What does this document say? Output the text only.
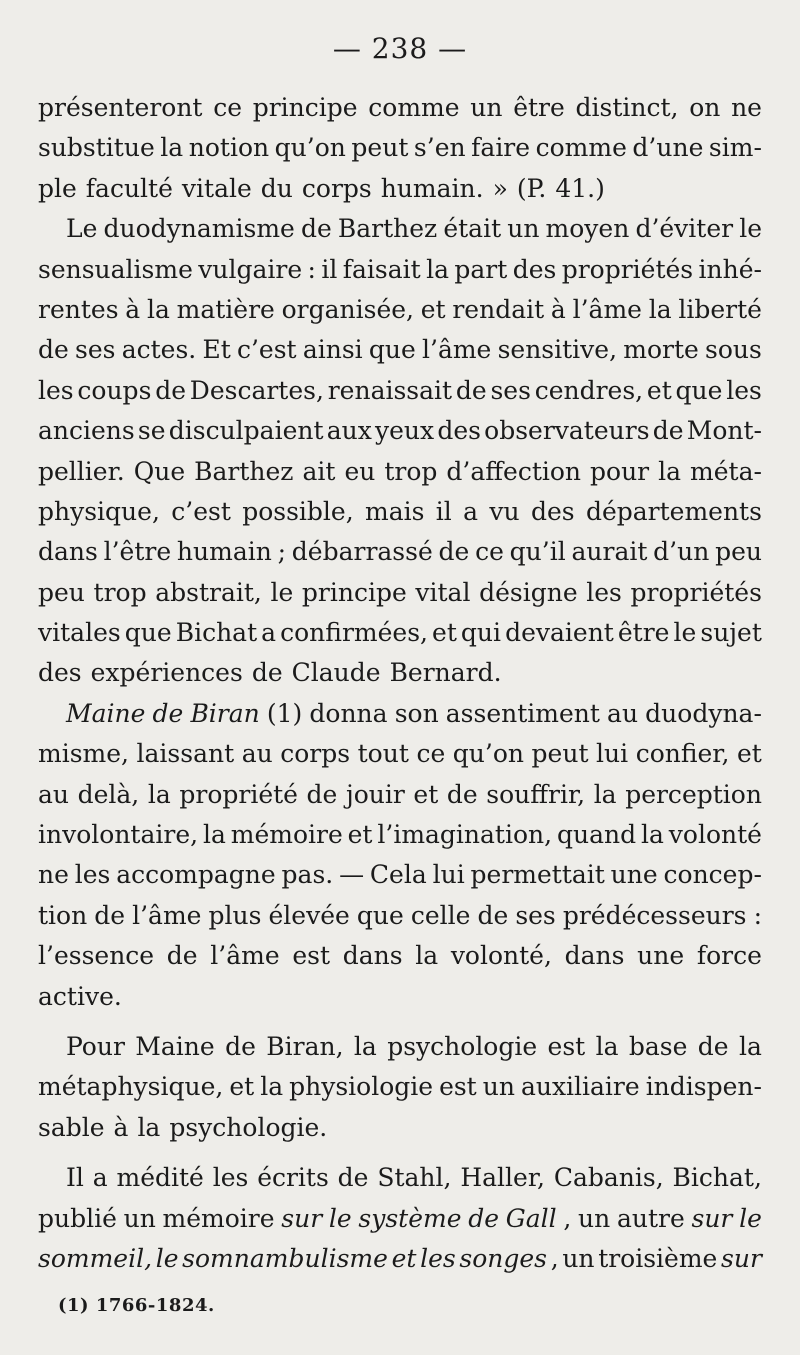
— 238 —
présenteront ce principe comme un être distinct, on ne
substitue la notion qu’on peut s’en faire comme d’une sim-
ple faculté vitale du corps humain. » (P. 41.)
Le duodynamisme de Barthez était un moyen d’éviter le
sensualisme vulgaire : il faisait la part des propriétés inhé-
rentes à la matière organisée, et rendait à l’âme la liberté
de ses actes. Et c’est ainsi que l’âme sensitive, morte sous
les coups de Descartes, renaissait de ses cendres, et que les
anciens se disculpaient aux yeux des observateurs de Mont-
pellier. Que Barthez ait eu trop d’affection pour la méta-
physique, c’est possible, mais il a vu des départements
dans l’être humain ; débarrassé de ce qu’il aurait d’un peu
peu trop abstrait, le principe vital désigne les propriétés
vitales que Bichat a confirmées, et qui devaient être le sujet
des expériences de Claude Bernard.
Maine de Biran (1) donna son assentiment au duodyna-
misme, laissant au corps tout ce qu’on peut lui confier, et
au delà, la propriété de jouir et de souffrir, la perception
involontaire, la mémoire et l’imagination, quand la volonté
ne les accompagne pas. — Cela lui permettait une concep-
tion de l’âme plus élevée que celle de ses prédécesseurs :
l’essence de l’âme est dans la volonté, dans une force
active.
Pour Maine de Biran, la psychologie est la base de la
métaphysique, et la physiologie est un auxiliaire indispen-
sable à la psychologie.
Il a médité les écrits de Stahl, Haller, Cabanis, Bichat,
publié un mémoire sur le système de Gall , un autre sur le
sommeil, le somnambulisme et les songes , un troisième sur
(1) 1766-1824.
